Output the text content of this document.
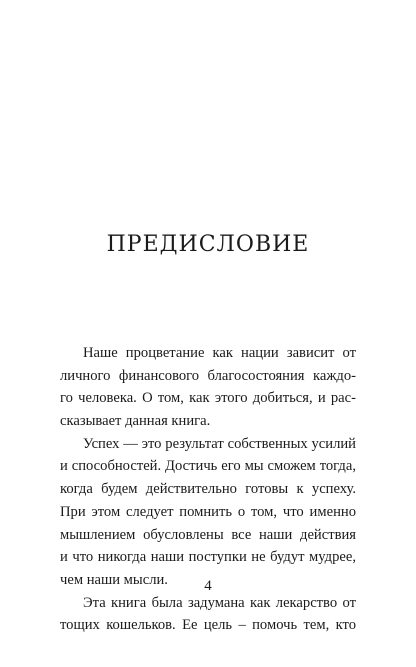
ПРЕДИСЛОВИЕ
Наше процветание как нации зависит от
личного финансового благосостояния каждо-
го человека. О том, как этого добиться, и рас-
сказывает данная книга.
Успех — это результат собственных усилий
и способностей. Достичь его мы сможем тогда,
когда будем действительно готовы к успеху.
При этом следует помнить о том, что именно
мышлением обусловлены все наши действия
и что никогда наши поступки не будут мудрее,
чем наши мысли.
Эта книга была задумана как лекарство от
тощих кошельков. Ее цель – помочь тем, кто
4
